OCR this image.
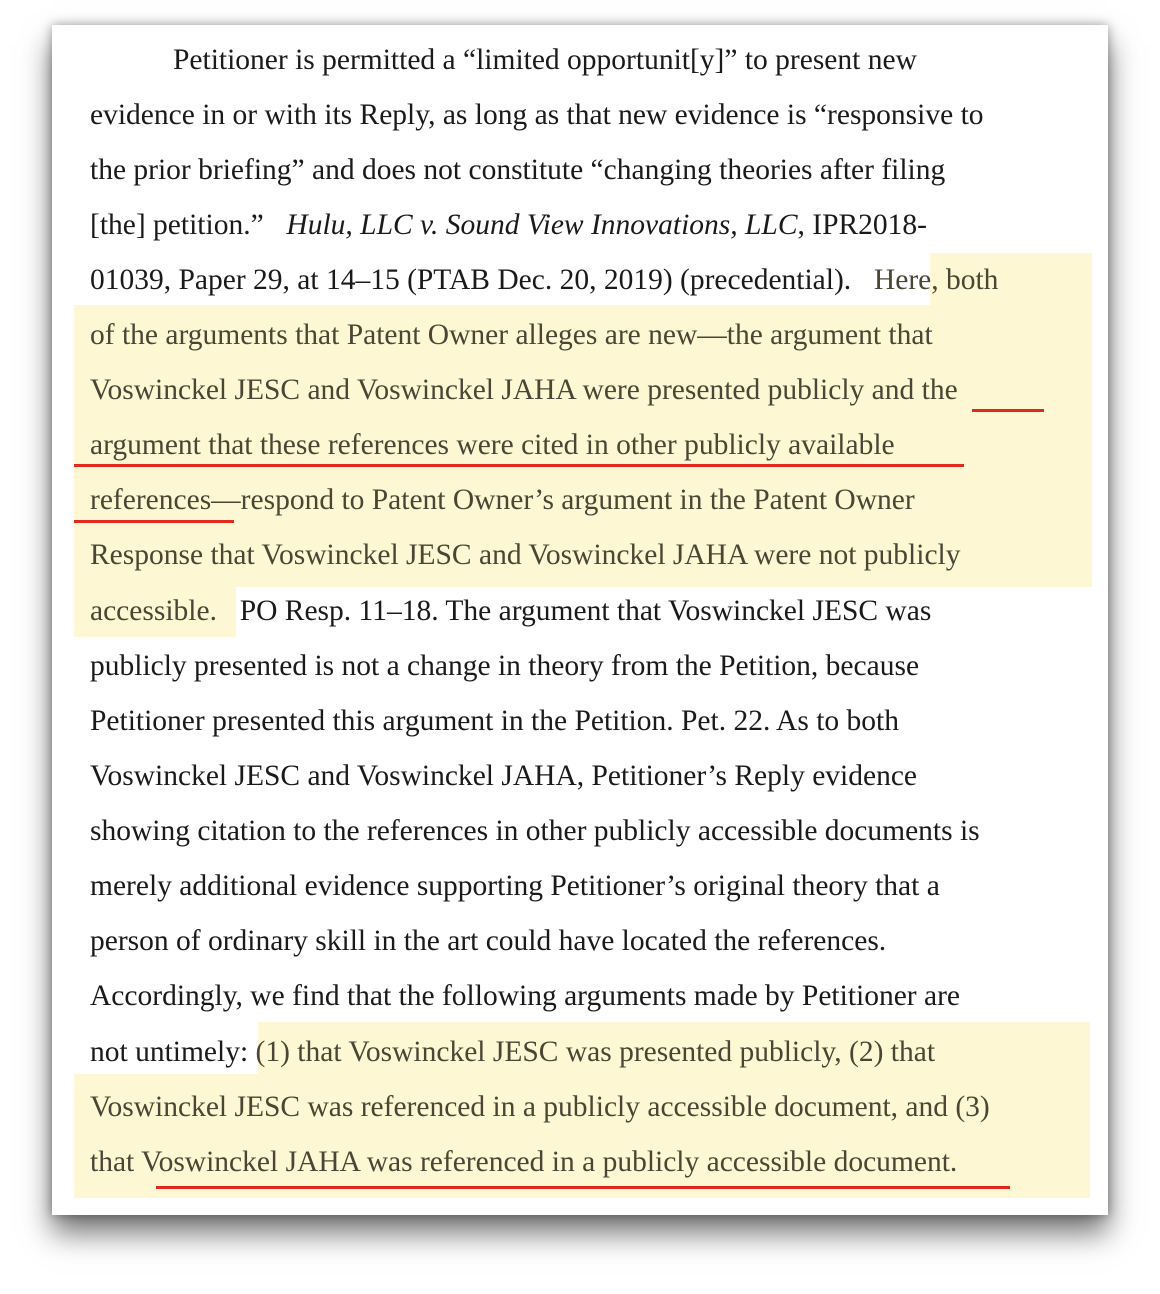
Petitioner is permitted a “limited opportunit[y]” to present new
evidence in or with its Reply, as long as that new evidence is “responsive to
the prior briefing” and does not constitute “changing theories after filing
[the] petition.” Hulu, LLC v. Sound View Innovations, LLC, IPR2018-
01039, Paper 29, at 14–15 (PTAB Dec. 20, 2019) (precedential). Here, both
of the arguments that Patent Owner alleges are new—the argument that
Voswinckel JESC and Voswinckel JAHA were presented publicly and the
argument that these references were cited in other publicly available
references—respond to Patent Owner’s argument in the Patent Owner
Response that Voswinckel JESC and Voswinckel JAHA were not publicly
accessible. PO Resp. 11–18. The argument that Voswinckel JESC was
publicly presented is not a change in theory from the Petition, because
Petitioner presented this argument in the Petition. Pet. 22. As to both
Voswinckel JESC and Voswinckel JAHA, Petitioner’s Reply evidence
showing citation to the references in other publicly accessible documents is
merely additional evidence supporting Petitioner’s original theory that a
person of ordinary skill in the art could have located the references.
Accordingly, we find that the following arguments made by Petitioner are
not untimely: (1) that Voswinckel JESC was presented publicly, (2) that
Voswinckel JESC was referenced in a publicly accessible document, and (3)
that Voswinckel JAHA was referenced in a publicly accessible document.
